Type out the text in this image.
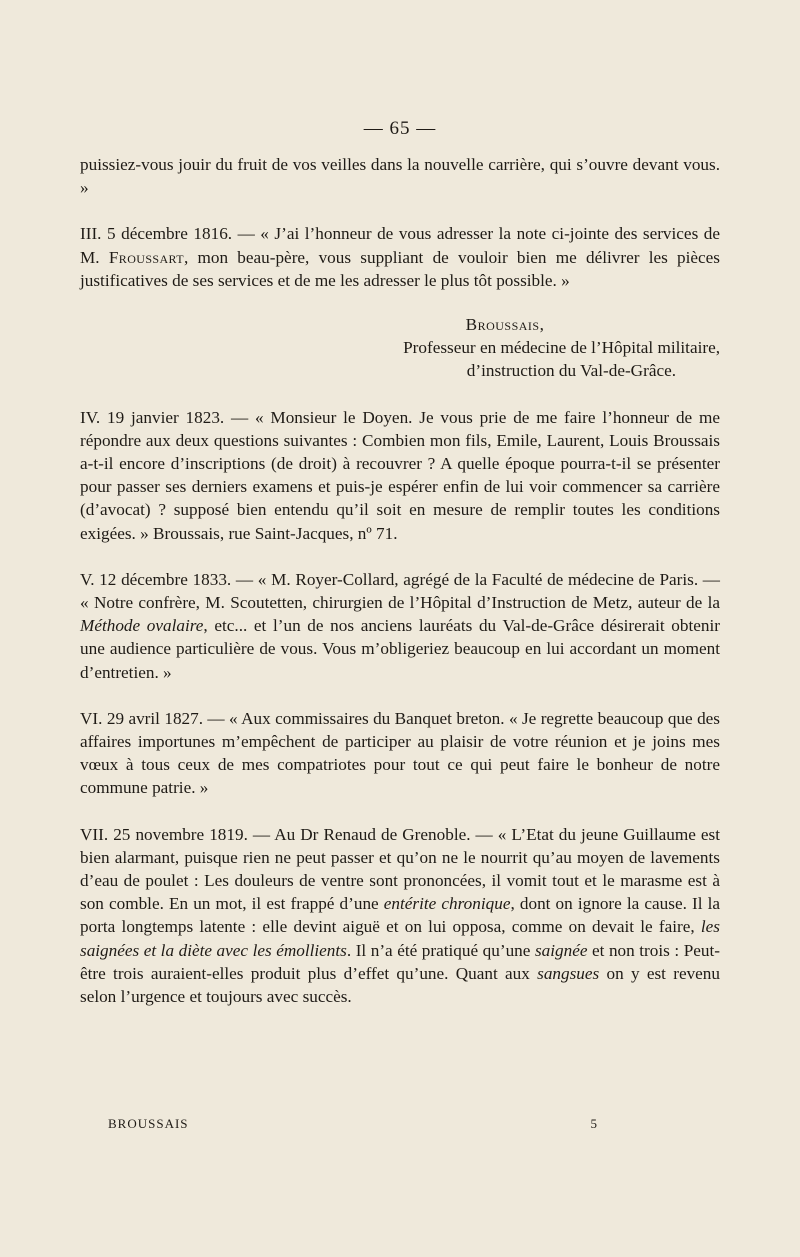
— 65 —

puissiez-vous jouir du fruit de vos veilles dans la nouvelle carrière, qui s’ouvre devant vous. »

III. 5 décembre 1816. — « J’ai l’honneur de vous adresser la note ci-jointe des services de M. Froussart, mon beau-père, vous suppliant de vouloir bien me délivrer les pièces justificatives de ses services et de me les adresser le plus tôt possible. »

Broussais,
Professeur en médecine de l’Hôpital militaire,
d’instruction du Val-de-Grâce.

IV. 19 janvier 1823. — « Monsieur le Doyen. Je vous prie de me faire l’honneur de me répondre aux deux questions suivantes : Combien mon fils, Emile, Laurent, Louis Broussais a-t-il encore d’inscriptions (de droit) à recouvrer ? A quelle époque pourra-t-il se présenter pour passer ses derniers examens et puis-je espérer enfin de lui voir commencer sa carrière (d’avocat) ? supposé bien entendu qu’il soit en mesure de remplir toutes les conditions exigées. » Broussais, rue Saint-Jacques, nº 71.

V. 12 décembre 1833. — « M. Royer-Collard, agrégé de la Faculté de médecine de Paris. — « Notre confrère, M. Scoutetten, chirurgien de l’Hôpital d’Instruction de Metz, auteur de la Méthode ovalaire, etc... et l’un de nos anciens lauréats du Val-de-Grâce désirerait obtenir une audience particulière de vous. Vous m’obligeriez beaucoup en lui accordant un moment d’entretien. »

VI. 29 avril 1827. — « Aux commissaires du Banquet breton. « Je regrette beaucoup que des affaires importunes m’empêchent de participer au plaisir de votre réunion et je joins mes vœux à tous ceux de mes compatriotes pour tout ce qui peut faire le bonheur de notre commune patrie. »

VII. 25 novembre 1819. — Au Dr Renaud de Grenoble. — « L’Etat du jeune Guillaume est bien alarmant, puisque rien ne peut passer et qu’on ne le nourrit qu’au moyen de lavements d’eau de poulet : Les douleurs de ventre sont prononcées, il vomit tout et le marasme est à son comble. En un mot, il est frappé d’une entérite chronique, dont on ignore la cause. Il la porta longtemps latente : elle devint aiguë et on lui opposa, comme on devait le faire, les saignées et la diète avec les émollients. Il n’a été pratiqué qu’une saignée et non trois : Peut-être trois auraient-elles produit plus d’effet qu’une. Quant aux sangsues on y est revenu selon l’urgence et toujours avec succès.

BROUSSAIS	5
